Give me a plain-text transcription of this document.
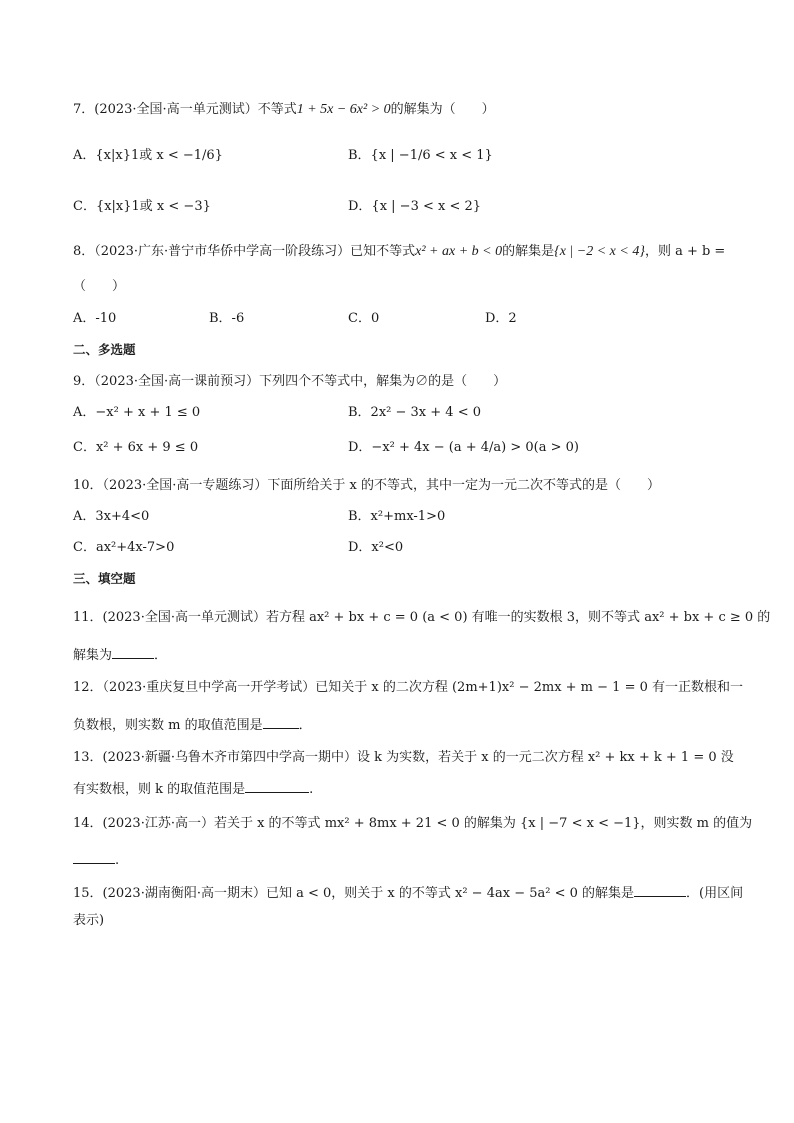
7．(2023·全国·高一单元测试）不等式1 + 5x − 6x² > 0的解集为（　　）
A．{x|x}1或 x < −1/6}	B．{x | −1/6 < x < 1}
C．{x|x}1或 x < −3}	D．{x | −3 < x < 2}
8．（2023·广东·普宁市华侨中学高一阶段练习）已知不等式x² + ax + b < 0的解集是{x | −2 < x < 4}，则 a + b =
（　　）
A．-10	B．-6	C．0	D．2
二、多选题
9．（2023·全国·高一课前预习）下列四个不等式中，解集为∅的是（　　）
A．−x² + x + 1 ≤ 0	B．2x² − 3x + 4 < 0
C．x² + 6x + 9 ≤ 0	D．−x² + 4x − (a + 4/a) > 0(a > 0)
10．（2023·全国·高一专题练习）下面所给关于 x 的不等式，其中一定为一元二次不等式的是（　　）
A．3x+4<0	B．x²+mx-1>0
C．ax²+4x-7>0	D．x²<0
三、填空题
11．(2023·全国·高一单元测试）若方程 ax² + bx + c = 0 (a < 0) 有唯一的实数根 3，则不等式 ax² + bx + c ≥ 0 的
解集为	．
12．（2023·重庆复旦中学高一开学考试）已知关于 x 的二次方程 (2m+1)x² − 2mx + m − 1 = 0 有一正数根和一
负数根，则实数 m 的取值范围是	．
13．(2023·新疆·乌鲁木齐市第四中学高一期中）设 k 为实数，若关于 x 的一元二次方程 x² + kx + k + 1 = 0 没
有实数根，则 k 的取值范围是	.
14．(2023·江苏·高一）若关于 x 的不等式 mx² + 8mx + 21 < 0 的解集为 {x | −7 < x < −1}，则实数 m 的值为
.
15．(2023·湖南衡阳·高一期末）已知 a < 0，则关于 x 的不等式 x² − 4ax − 5a² < 0 的解集是	．(用区间
表示)
